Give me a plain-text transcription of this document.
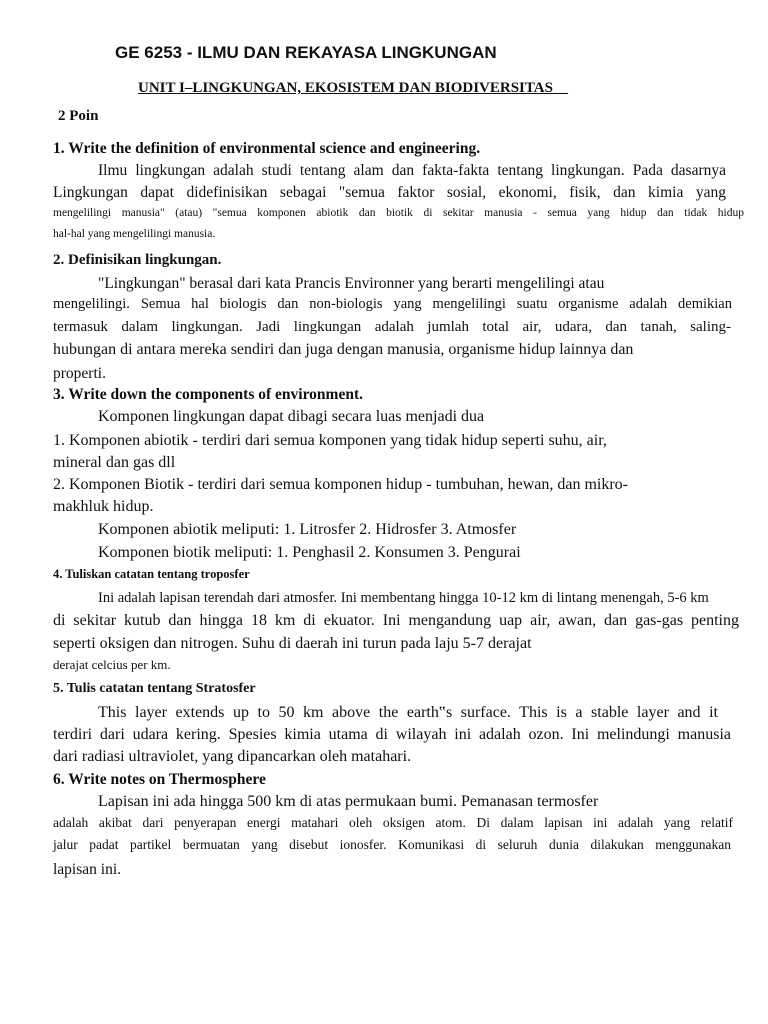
GE 6253 - ILMU DAN REKAYASA LINGKUNGAN
UNIT I–LINGKUNGAN, EKOSISTEM DAN BIODIVERSITAS__
2 Poin
1. Write the definition of environmental science and engineering.
Ilmu lingkungan adalah studi tentang alam dan fakta-fakta tentang lingkungan. Pada dasarnya
Lingkungan dapat didefinisikan sebagai "semua faktor sosial, ekonomi, fisik, dan kimia yang
mengelilingi manusia" (atau) "semua komponen abiotik dan biotik di sekitar manusia - semua yang hidup dan tidak hidup
hal-hal yang mengelilingi manusia.
2. Definisikan lingkungan.
"Lingkungan" berasal dari kata Prancis Environner yang berarti mengelilingi atau
mengelilingi. Semua hal biologis dan non-biologis yang mengelilingi suatu organisme adalah demikian
termasuk dalam lingkungan. Jadi lingkungan adalah jumlah total air, udara, dan tanah, saling-
hubungan di antara mereka sendiri dan juga dengan manusia, organisme hidup lainnya dan
properti.
3. Write down the components of environment.
Komponen lingkungan dapat dibagi secara luas menjadi dua
1. Komponen abiotik - terdiri dari semua komponen yang tidak hidup seperti suhu, air,
mineral dan gas dll
2. Komponen Biotik - terdiri dari semua komponen hidup - tumbuhan, hewan, dan mikro-
makhluk hidup.
Komponen abiotik meliputi: 1. Litrosfer 2. Hidrosfer 3. Atmosfer
Komponen biotik meliputi: 1. Penghasil 2. Konsumen 3. Pengurai
4. Tuliskan catatan tentang troposfer
Ini adalah lapisan terendah dari atmosfer. Ini membentang hingga 10-12 km di lintang menengah, 5-6 km
di sekitar kutub dan hingga 18 km di ekuator. Ini mengandung uap air, awan, dan gas-gas penting
seperti oksigen dan nitrogen. Suhu di daerah ini turun pada laju 5-7 derajat
derajat celcius per km.
5. Tulis catatan tentang Stratosfer
This layer extends up to 50 km above the earth‟s surface. This is a stable layer and it
terdiri dari udara kering. Spesies kimia utama di wilayah ini adalah ozon. Ini melindungi manusia
dari radiasi ultraviolet, yang dipancarkan oleh matahari.
6. Write notes on Thermosphere
Lapisan ini ada hingga 500 km di atas permukaan bumi. Pemanasan termosfer
adalah akibat dari penyerapan energi matahari oleh oksigen atom. Di dalam lapisan ini adalah yang relatif
jalur padat partikel bermuatan yang disebut ionosfer. Komunikasi di seluruh dunia dilakukan menggunakan
lapisan ini.
